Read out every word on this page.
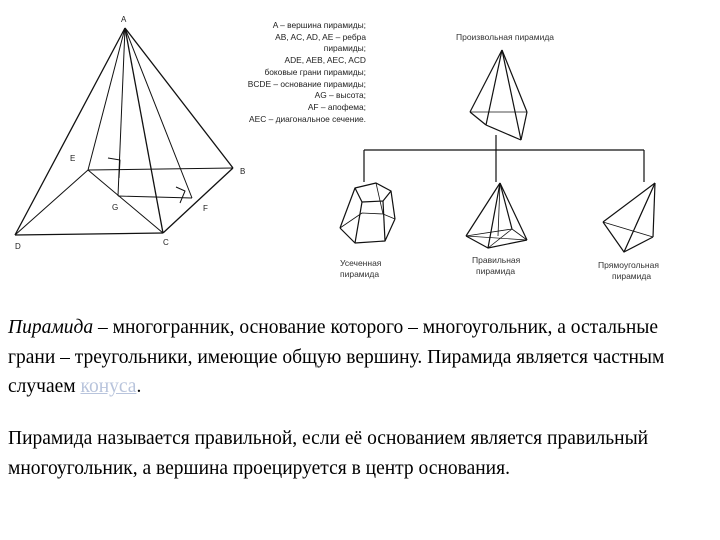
A
B
C
D
E
F
G
A – вершина пирамиды;
AB, AC, AD, AE – ребра
пирамиды;
ADE, AEB, AEC, ACD
боковые грани пирамиды;
BCDE – основание пирамиды;
AG – высота;
AF – апофема;
AEC – диагональное сечение.
Произвольная пирамида
Усеченная
пирамида
Правильная
пирамида
Прямоугольная
пирамида

Пирамида – многогранник, основание которого – многоугольник, а остальные грани – треугольники, имеющие общую вершину. Пирамида является частным случаем конуса.

Пирамида называется правильной, если её основанием является правильный многоугольник, а вершина проецируется в центр основания.
